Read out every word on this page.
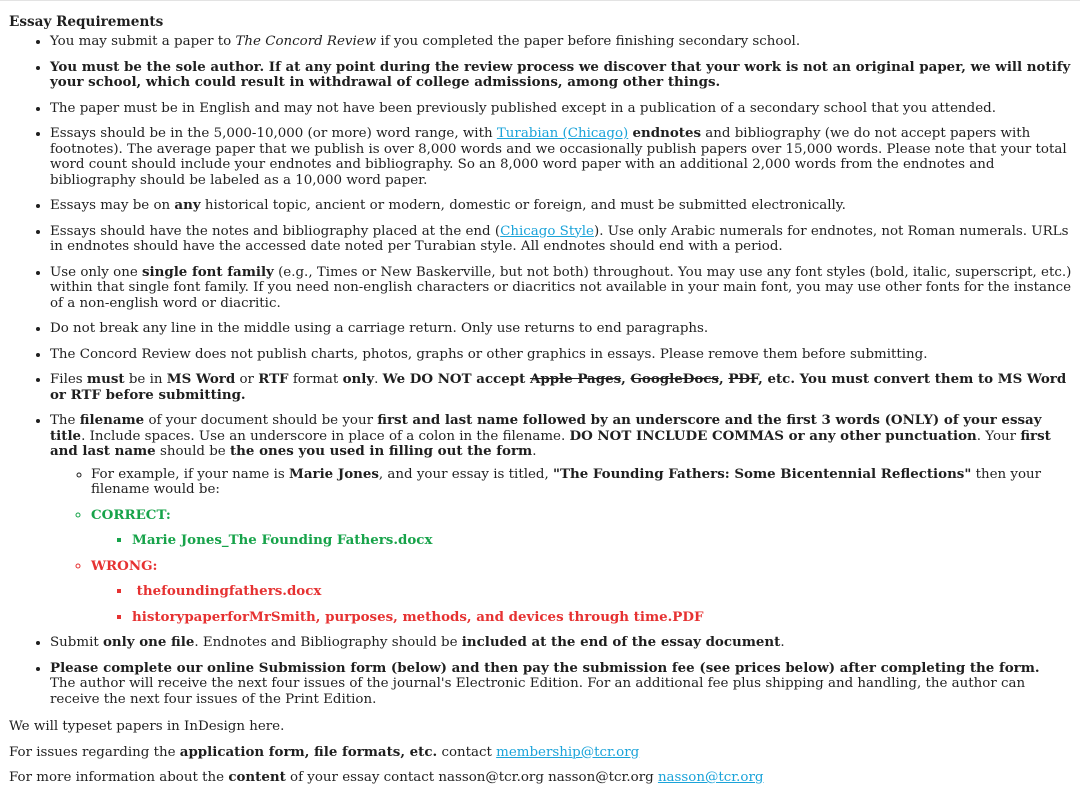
Essay Requirements
• You may submit a paper to The Concord Review if you completed the paper before finishing secondary school.
• You must be the sole author. If at any point during the review process we discover that your work is not an original paper, we will notify your school, which could result in withdrawal of college admissions, among other things.
• The paper must be in English and may not have been previously published except in a publication of a secondary school that you attended.
• Essays should be in the 5,000-10,000 (or more) word range, with Turabian (Chicago) endnotes and bibliography (we do not accept papers with footnotes). The average paper that we publish is over 8,000 words and we occasionally publish papers over 15,000 words. Please note that your total word count should include your endnotes and bibliography. So an 8,000 word paper with an additional 2,000 words from the endnotes and bibliography should be labeled as a 10,000 word paper.
• Essays may be on any historical topic, ancient or modern, domestic or foreign, and must be submitted electronically.
• Essays should have the notes and bibliography placed at the end (Chicago Style). Use only Arabic numerals for endnotes, not Roman numerals. URLs in endnotes should have the accessed date noted per Turabian style. All endnotes should end with a period.
• Use only one single font family (e.g., Times or New Baskerville, but not both) throughout. You may use any font styles (bold, italic, superscript, etc.) within that single font family. If you need non-english characters or diacritics not available in your main font, you may use other fonts for the instance of a non-english word or diacritic.
• Do not break any line in the middle using a carriage return. Only use returns to end paragraphs.
• The Concord Review does not publish charts, photos, graphs or other graphics in essays. Please remove them before submitting.
• Files must be in MS Word or RTF format only. We DO NOT accept Apple Pages, GoogleDocs, PDF, etc. You must convert them to MS Word or RTF before submitting.
• The filename of your document should be your first and last name followed by an underscore and the first 3 words (ONLY) of your essay title. Include spaces. Use an underscore in place of a colon in the filename. DO NOT INCLUDE COMMAS or any other punctuation. Your first and last name should be the ones you used in filling out the form.
◦ For example, if your name is Marie Jones, and your essay is titled, "The Founding Fathers: Some Bicentennial Reflections" then your filename would be:
◦ CORRECT:
▪ Marie Jones_The Founding Fathers.docx
◦ WRONG:
▪  thefoundingfathers.docx
▪ historypaperforMrSmith, purposes, methods, and devices through time.PDF
• Submit only one file. Endnotes and Bibliography should be included at the end of the essay document.
• Please complete our online Submission form (below) and then pay the submission fee (see prices below) after completing the form.
The author will receive the next four issues of the journal's Electronic Edition. For an additional fee plus shipping and handling, the author can receive the next four issues of the Print Edition.

We will typeset papers in InDesign here.

For issues regarding the application form, file formats, etc. contact membership@tcr.org

For more information about the content of your essay contact nasson@tcr.org nasson@tcr.org nasson@tcr.org
